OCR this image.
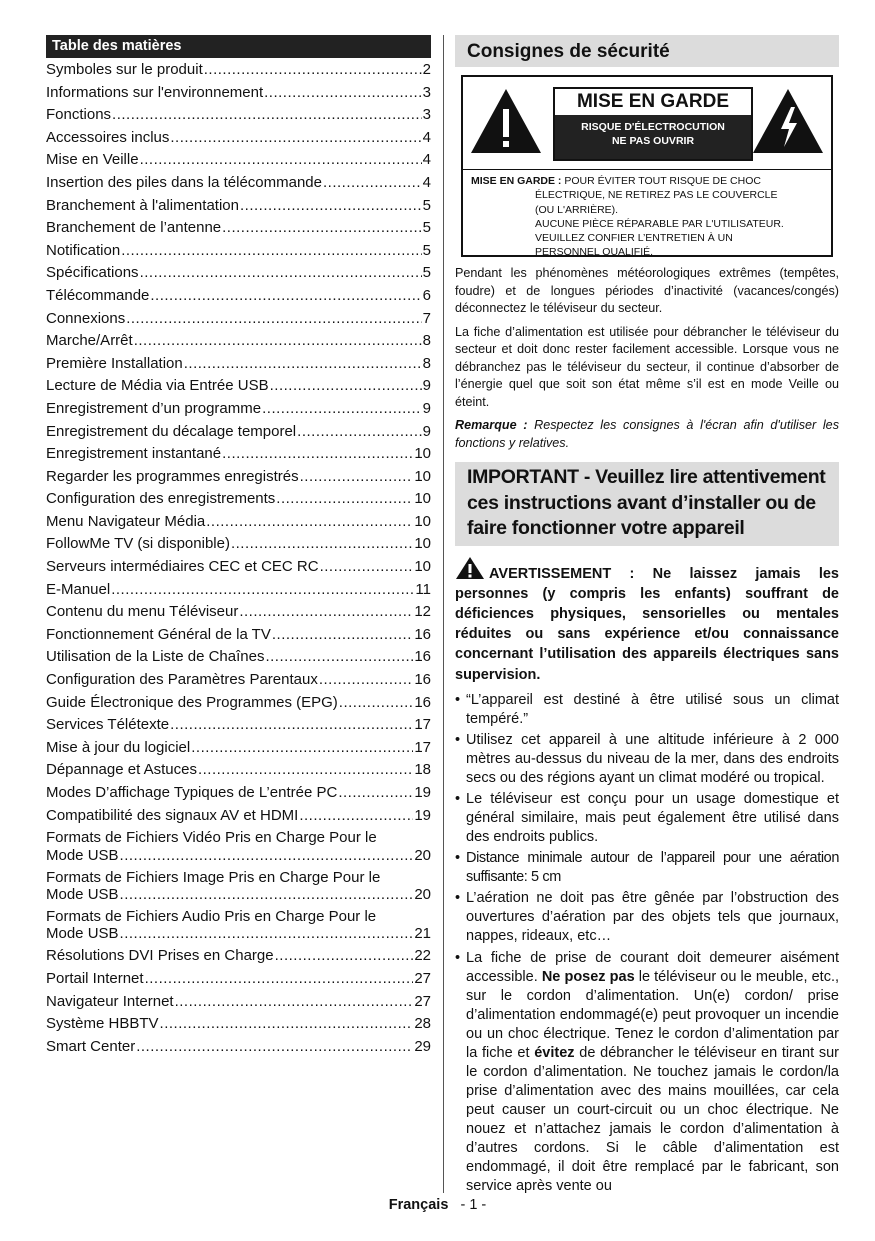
Table des matières
Symboles sur le produit .....	2
Informations sur l'environnement .....	3
Fonctions .....	3
Accessoires inclus .....	4
Mise en Veille .....	4
Insertion des piles dans la télécommande .....	4
Branchement à l'alimentation .....	5
Branchement de l’antenne .....	5
Notification .....	5
Spécifications .....	5
Télécommande .....	6
Connexions .....	7
Marche/Arrêt .....	8
Première Installation .....	8
Lecture de Média via Entrée USB .....	9
Enregistrement d’un programme .....	9
Enregistrement du décalage temporel .....	9
Enregistrement instantané .....	10
Regarder les programmes enregistrés .....	10
Configuration des enregistrements .....	10
Menu Navigateur Média .....	10
FollowMe TV (si disponible) .....	10
Serveurs intermédiaires CEC et CEC RC .....	10
E-Manuel .....	11
Contenu du menu Téléviseur .....	12
Fonctionnement Général de la TV .....	16
Utilisation de la Liste de Chaînes .....	16
Configuration des Paramètres Parentaux .....	16
Guide Électronique des Programmes (EPG) .....	16
Services Télétexte .....	17
Mise à jour du logiciel .....	17
Dépannage et Astuces .....	18
Modes D’affichage Typiques de L’entrée PC .....	19
Compatibilité des signaux AV et HDMI .....	19
Formats de Fichiers Vidéo Pris en Charge Pour le
Mode USB .....	20
Formats de Fichiers Image Pris en Charge Pour le
Mode USB .....	20
Formats de Fichiers Audio Pris en Charge Pour le
Mode USB .....	21
Résolutions DVI Prises en Charge .....	22
Portail Internet .....	27
Navigateur Internet .....	27
Système HBBTV .....	28
Smart Center .....	29
Consignes de sécurité
MISE EN GARDE
RISQUE D'ÉLECTROCUTION
NE PAS OUVRIR
MISE EN GARDE : POUR ÉVITER TOUT RISQUE DE CHOC
ÉLECTRIQUE, NE RETIREZ PAS LE COUVERCLE
(OU L'ARRIÈRE).
AUCUNE PIÈCE RÉPARABLE PAR L'UTILISATEUR.
VEUILLEZ CONFIER L’ENTRETIEN À UN
PERSONNEL QUALIFIÉ.
Pendant les phénomènes météorologiques extrêmes (tempêtes, foudre) et de longues périodes d’inactivité (vacances/congés) déconnectez le téléviseur du secteur.
La fiche d’alimentation est utilisée pour débrancher le téléviseur du secteur et doit donc rester facilement accessible. Lorsque vous ne débranchez pas le téléviseur du secteur, il continue d’absorber de l’énergie quel que soit son état même s’il est en mode Veille ou éteint.
Remarque : Respectez les consignes à l'écran afin d'utiliser les fonctions y relatives.
IMPORTANT - Veuillez lire attentivement ces instructions avant d’installer ou de faire fonctionner votre appareil
AVERTISSEMENT : Ne laissez jamais les personnes (y compris les enfants) souffrant de déficiences physiques, sensorielles ou mentales réduites ou sans expérience et/ou connaissance concernant l’utilisation des appareils électriques sans supervision.
• “L’appareil est destiné à être utilisé sous un climat tempéré.”
• Utilisez cet appareil à une altitude inférieure à 2 000 mètres au-dessus du niveau de la mer, dans des endroits secs ou des régions ayant un climat modéré ou tropical.
• Le téléviseur est conçu pour un usage domestique et général similaire, mais peut également être utilisé dans des endroits publics.
• Distance minimale autour de l’appareil pour une aération suffisante: 5 cm
• L’aération ne doit pas être gênée par l’obstruction des ouvertures d’aération par des objets tels que journaux, nappes, rideaux, etc…
• La fiche de prise de courant doit demeurer aisément accessible. Ne posez pas le téléviseur ou le meuble, etc., sur le cordon d’alimentation. Un(e) cordon/ prise d’alimentation endommagé(e) peut provoquer un incendie ou un choc électrique. Tenez le cordon d’alimentation par la fiche et évitez de débrancher le téléviseur en tirant sur le cordon d’alimentation. Ne touchez jamais le cordon/la prise d’alimentation avec des mains mouillées, car cela peut causer un court-circuit ou un choc électrique. Ne nouez et n’attachez jamais le cordon d’alimentation à d’autres cordons. Si le câble d’alimentation est endommagé, il doit être remplacé par le fabricant, son service après vente ou
Français - 1 -
